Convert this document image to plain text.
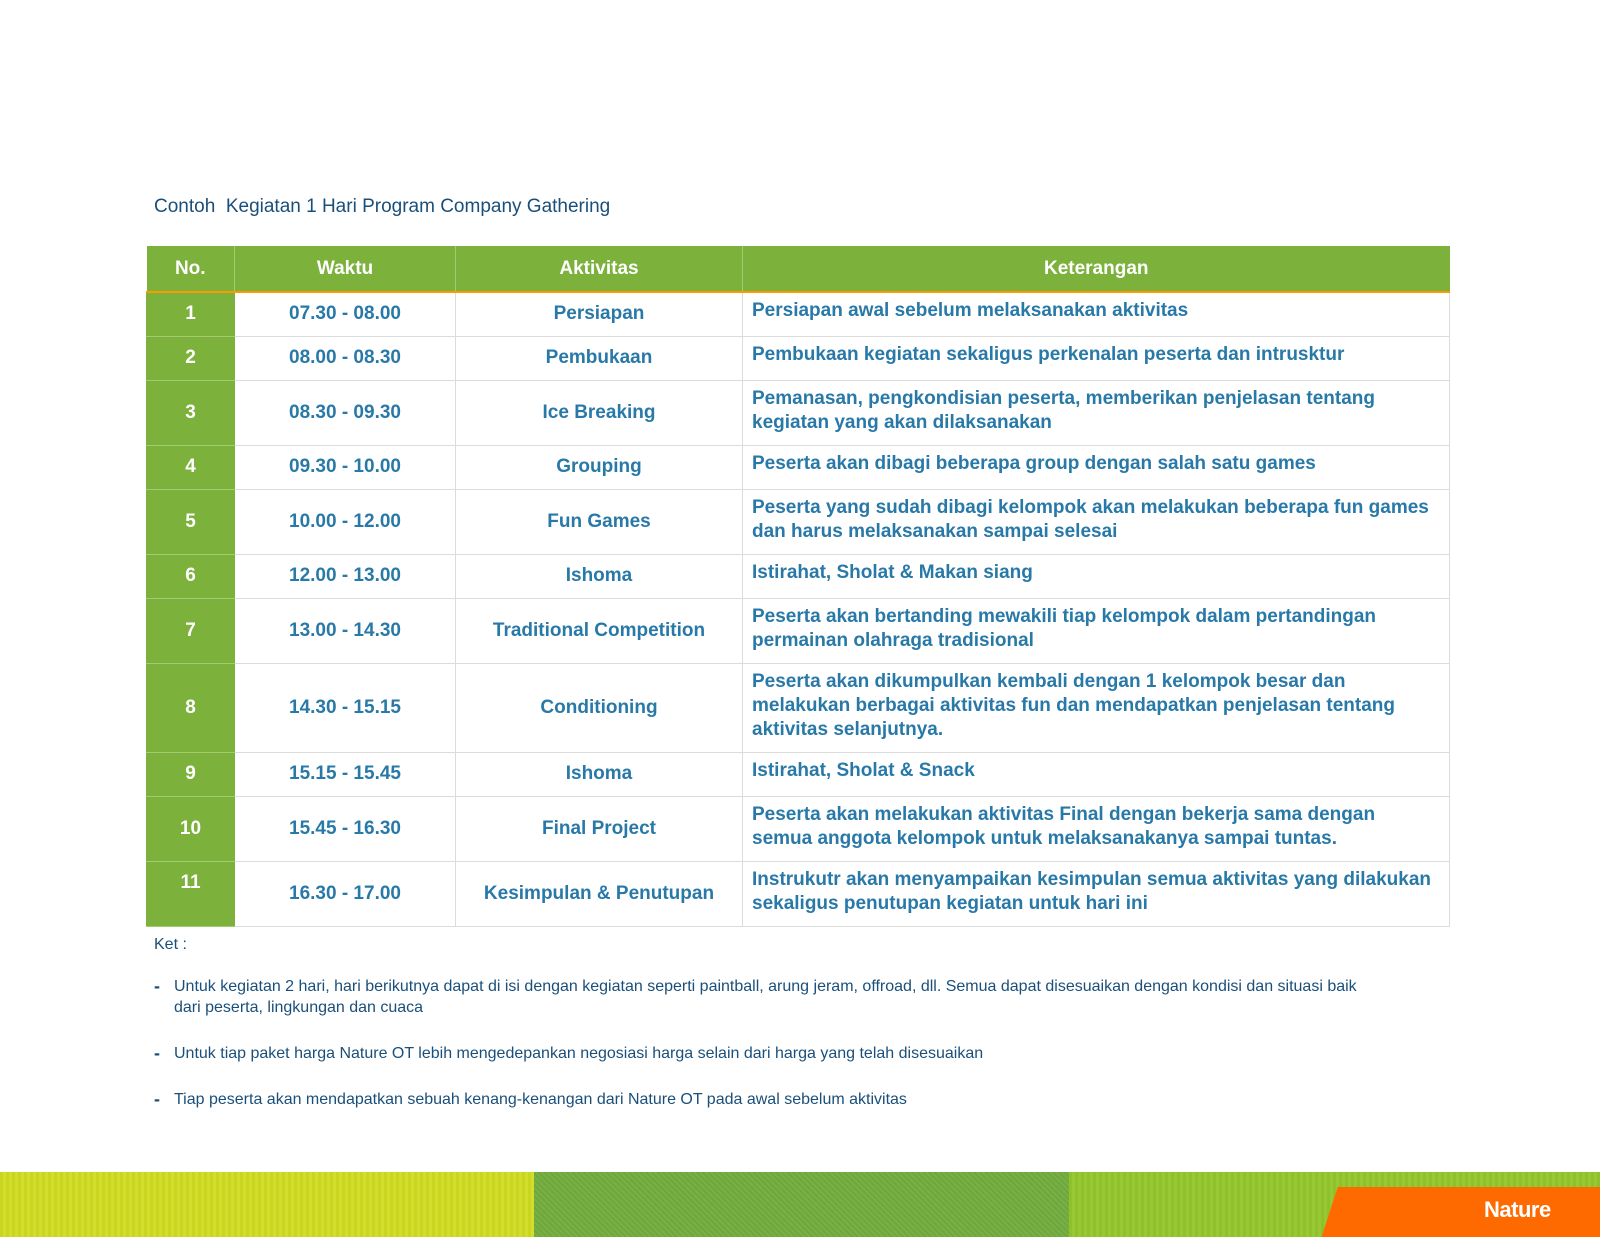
Contoh  Kegiatan 1 Hari Program Company Gathering
No.	Waktu	Aktivitas	Keterangan
1	07.30 - 08.00	Persiapan	Persiapan awal sebelum melaksanakan aktivitas
2	08.00 - 08.30	Pembukaan	Pembukaan kegiatan sekaligus perkenalan peserta dan intrusktur
3	08.30 - 09.30	Ice Breaking	Pemanasan, pengkondisian peserta, memberikan penjelasan tentang kegiatan yang akan dilaksanakan
4	09.30 - 10.00	Grouping	Peserta akan dibagi beberapa group dengan salah satu games
5	10.00 - 12.00	Fun Games	Peserta yang sudah dibagi kelompok akan melakukan beberapa fun games dan harus melaksanakan sampai selesai
6	12.00 - 13.00	Ishoma	Istirahat, Sholat & Makan siang
7	13.00 - 14.30	Traditional Competition	Peserta akan bertanding mewakili tiap kelompok dalam pertandingan permainan olahraga tradisional
8	14.30 - 15.15	Conditioning	Peserta akan dikumpulkan kembali dengan 1 kelompok besar dan melakukan berbagai aktivitas fun dan mendapatkan penjelasan tentang aktivitas selanjutnya.
9	15.15 - 15.45	Ishoma	Istirahat, Sholat & Snack
10	15.45 - 16.30	Final Project	Peserta akan melakukan aktivitas Final dengan bekerja sama dengan semua anggota kelompok untuk melaksanakanya sampai tuntas.
11	16.30 - 17.00	Kesimpulan & Penutupan	Instrukutr akan menyampaikan kesimpulan semua aktivitas yang dilakukan sekaligus penutupan kegiatan untuk hari ini
Ket :
- Untuk kegiatan 2 hari, hari berikutnya dapat di isi dengan kegiatan seperti paintball, arung jeram, offroad, dll. Semua dapat disesuaikan dengan kondisi dan situasi baik dari peserta, lingkungan dan cuaca
- Untuk tiap paket harga Nature OT lebih mengedepankan negosiasi harga selain dari harga yang telah disesuaikan
- Tiap peserta akan mendapatkan sebuah kenang-kenangan dari Nature OT pada awal sebelum aktivitas
Nature
